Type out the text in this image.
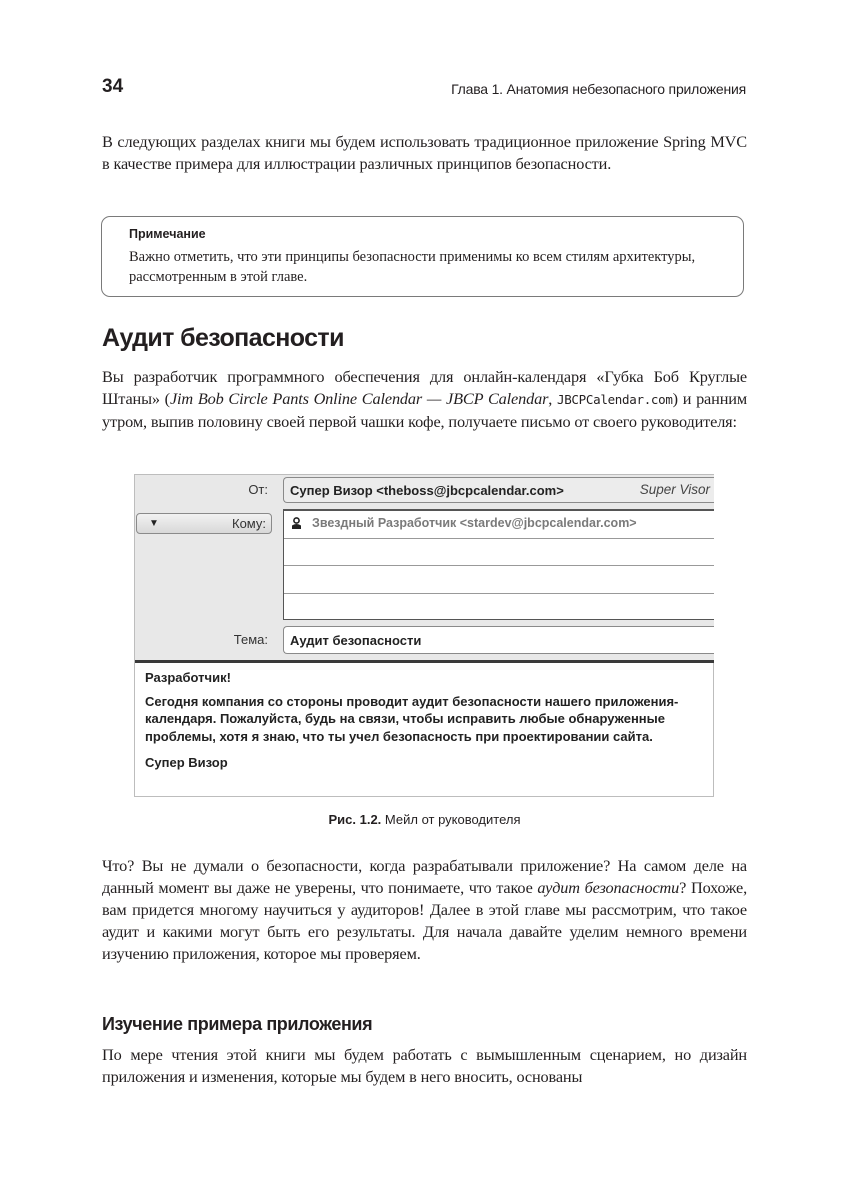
34	Глава 1. Анатомия небезопасного приложения
В следующих разделах книги мы будем использовать традиционное приложение Spring MVC в качестве примера для иллюстрации различных принципов безопасности.
Примечание
Важно отметить, что эти принципы безопасности применимы ко всем стилям архитектуры, рассмотренным в этой главе.
Аудит безопасности
Вы разработчик программного обеспечения для онлайн-календаря «Губка Боб Круглые Штаны» (Jim Bob Circle Pants Online Calendar — JBCP Calendar, JBCPCalendar.com) и ранним утром, выпив половину своей первой чашки кофе, получаете письмо от своего руководителя:
От: Супер Визор <theboss@jbcpcalendar.com>	Super Visor
▼	Кому:	Звездный Разработчик <stardev@jbcpcalendar.com>
Тема: Аудит безопасности

Разработчик!

Сегодня компания со стороны проводит аудит безопасности нашего приложения-календаря. Пожалуйста, будь на связи, чтобы исправить любые обнаруженные проблемы, хотя я знаю, что ты учел безопасность при проектировании сайта.

Супер Визор

Рис. 1.2. Мейл от руководителя
Что? Вы не думали о безопасности, когда разрабатывали приложение? На самом деле на данный момент вы даже не уверены, что понимаете, что такое аудит безопасности? Похоже, вам придется многому научиться у аудиторов! Далее в этой главе мы рассмотрим, что такое аудит и какими могут быть его результаты. Для начала давайте уделим немного времени изучению приложения, которое мы проверяем.
Изучение примера приложения
По мере чтения этой книги мы будем работать с вымышленным сценарием, но дизайн приложения и изменения, которые мы будем в него вносить, основаны
